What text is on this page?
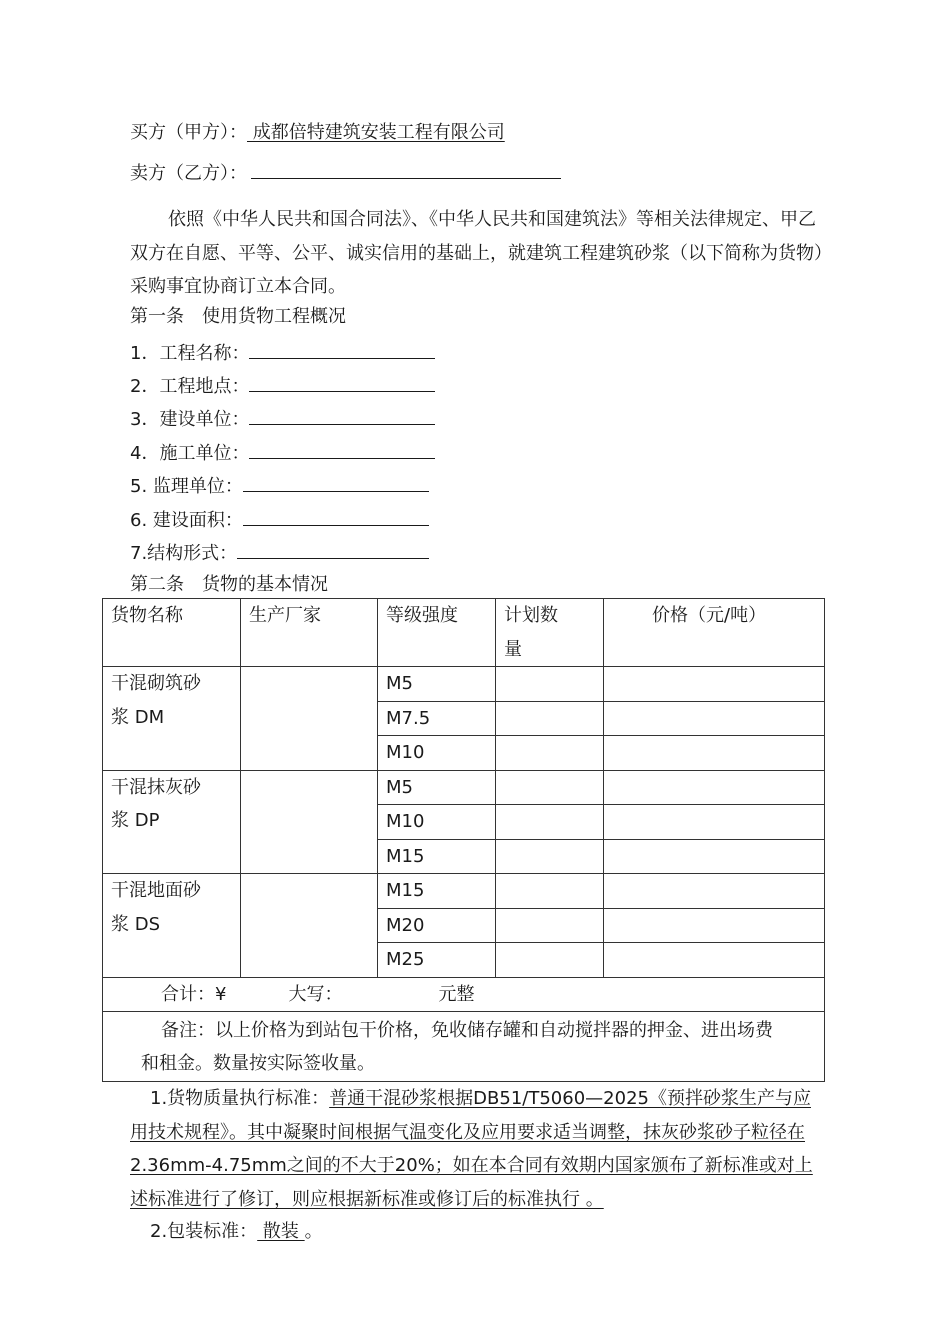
买方（甲方）： 成都倍特建筑安装工程有限公司
卖方（乙方）：
依照《中华人民共和国合同法》、《中华人民共和国建筑法》等相关法律规定、甲乙双方在自愿、平等、公平、诚实信用的基础上，就建筑工程建筑砂浆（以下简称为货物）采购事宜协商订立本合同。
第一条　使用货物工程概况
1．工程名称：
2．工程地点：
3．建设单位：
4．施工单位：
5. 监理单位：
6. 建设面积：
7.结构形式：
第二条　货物的基本情况
货物名称	生产厂家	等级强度	计划数量	价格（元/吨）
干混砌筑砂浆 DM		M5		
		M7.5		
		M10		
干混抹灰砂浆 DP		M5		
		M10		
		M15		
干混地面砂浆 DS		M15		
		M20		
		M25		
合计：¥ 大写： 元整				
备注：以上价格为到站包干价格，免收储存罐和自动搅拌器的押金、进出场费和租金。数量按实际签收量。				
1.货物质量执行标准：普通干混砂浆根据DB51/T5060—2025《预拌砂浆生产与应用技术规程》。其中凝聚时间根据气温变化及应用要求适当调整，抹灰砂浆砂子粒径在2.36mm-4.75mm之间的不大于20%；如在本合同有效期内国家颁布了新标准或对上述标准进行了修订，则应根据新标准或修订后的标准执行 。
2.包装标准： 散装 。
